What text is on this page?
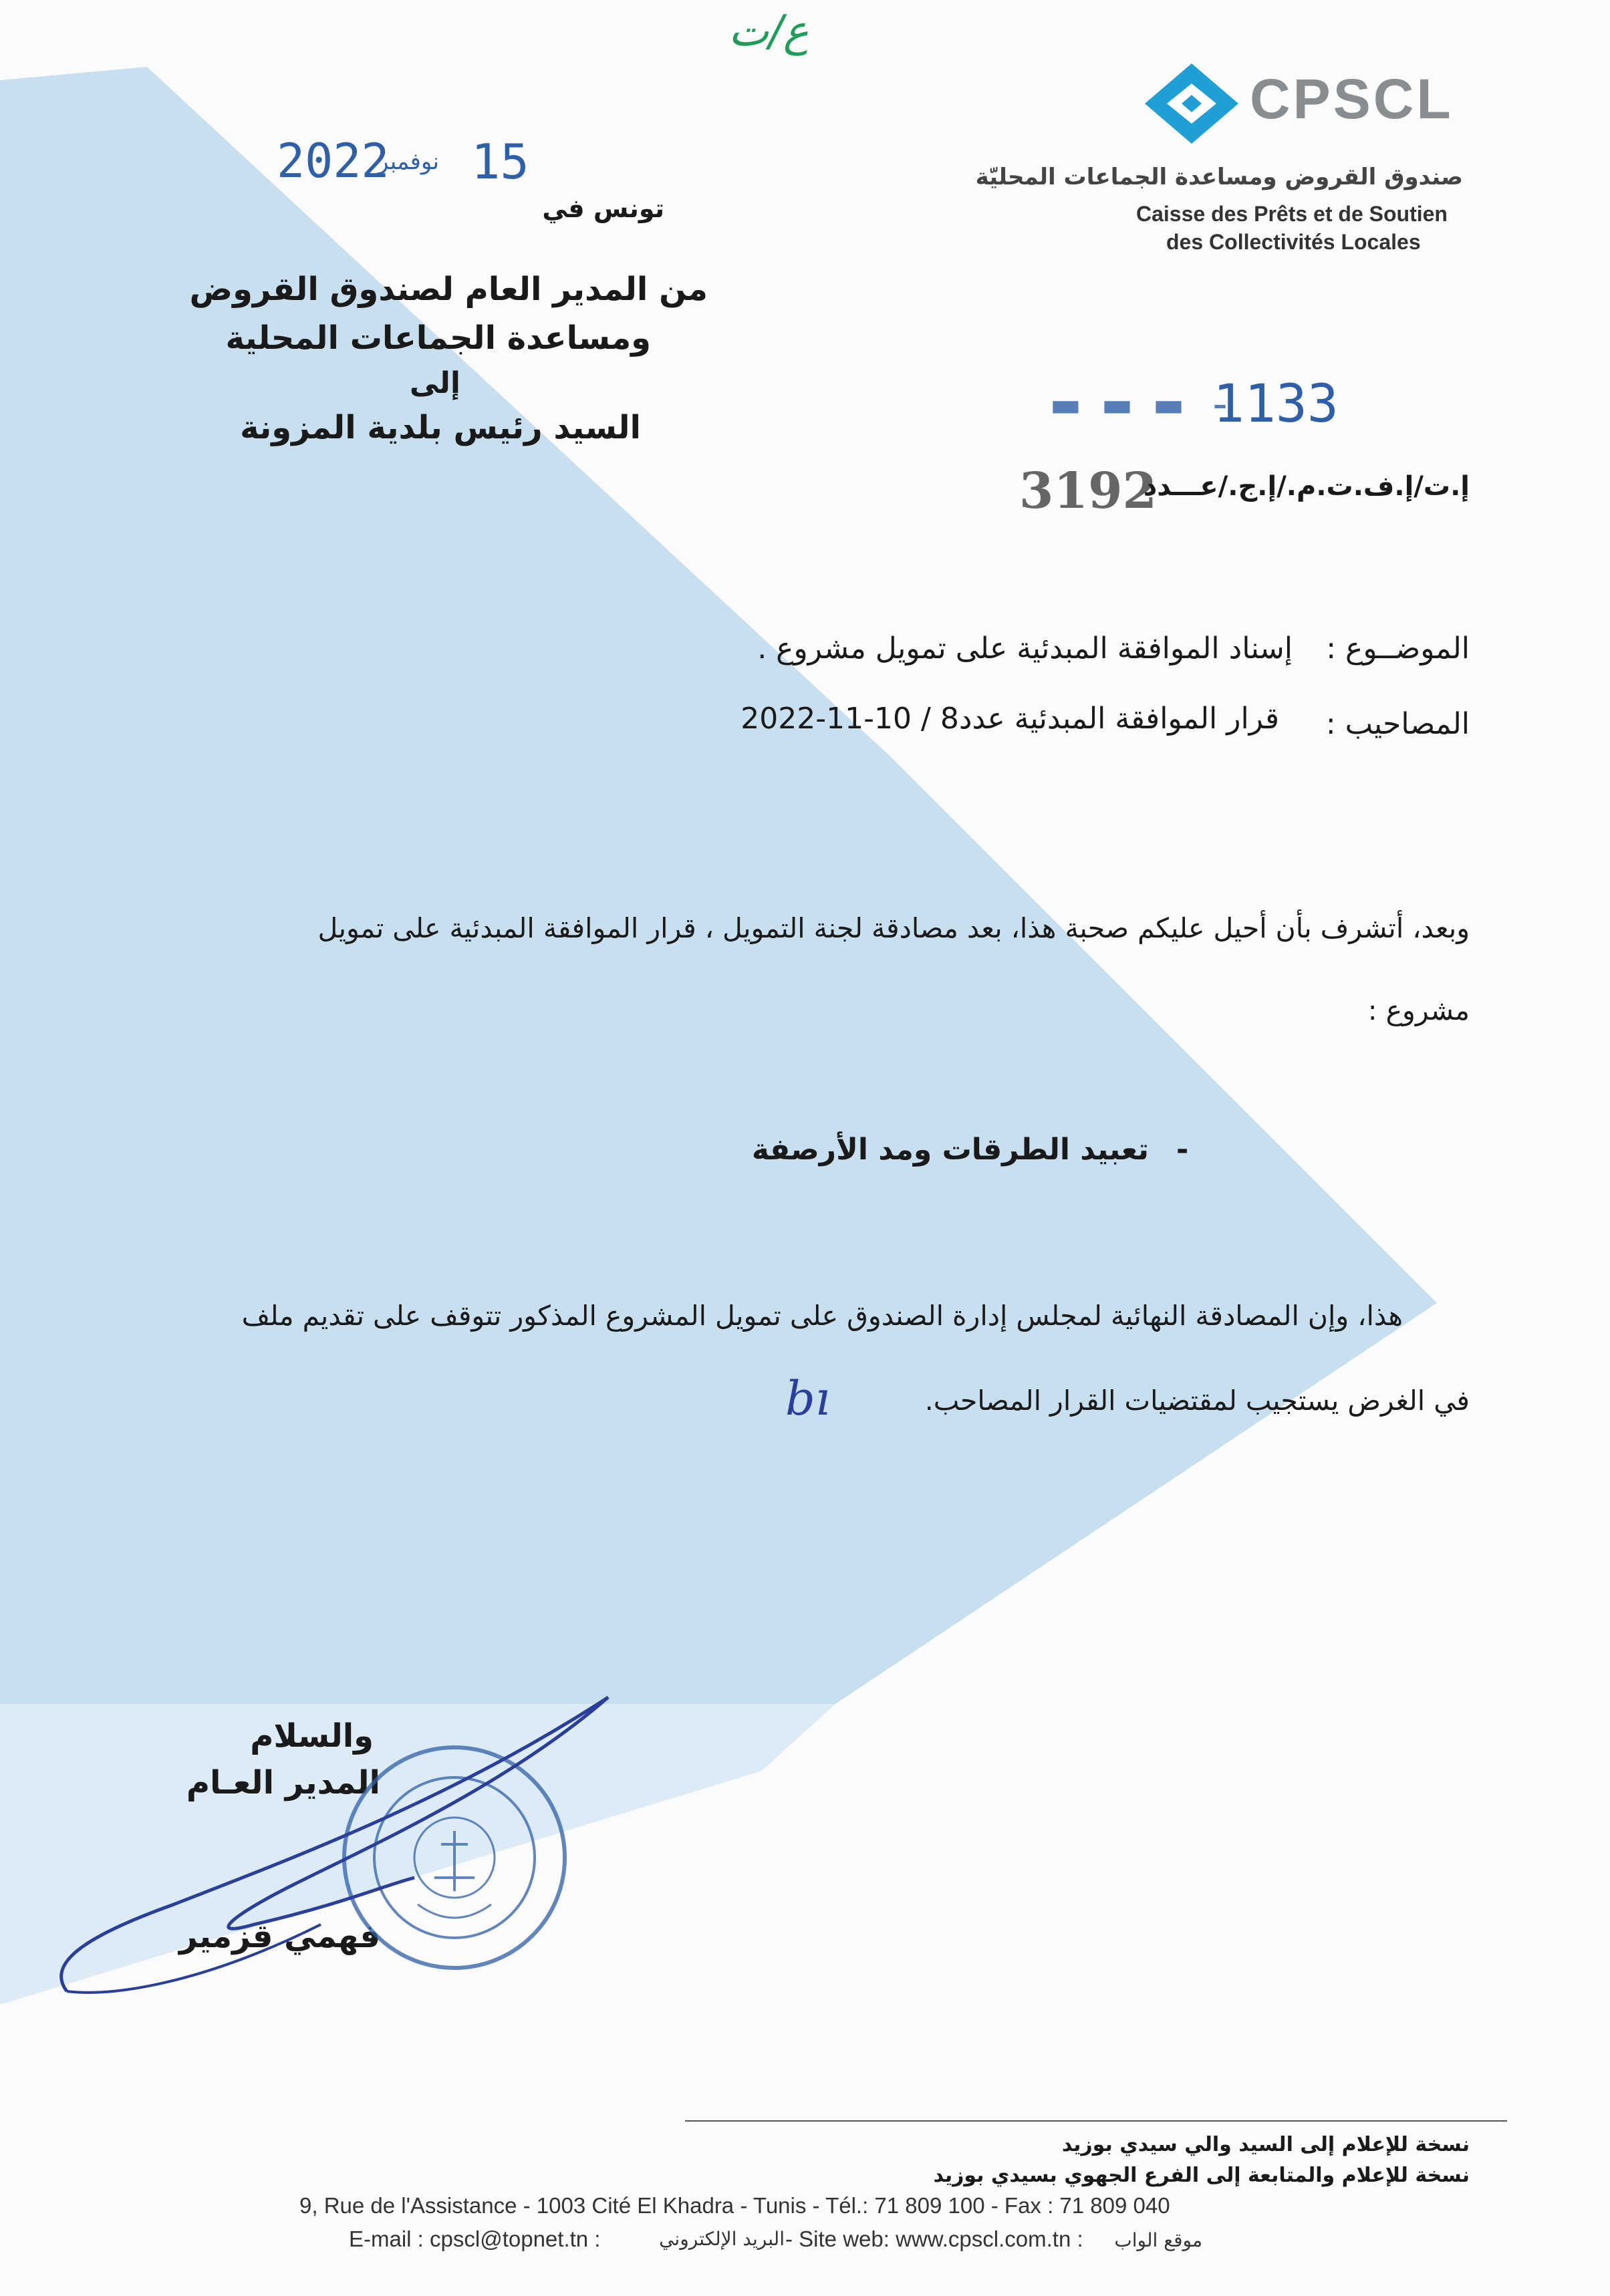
ﻉ/ﺕ
CPSCL
صندوق القروض ومساعدة الجماعات المحليّة
Caisse des Prêts et de Soutien
des Collectivités Locales
2022
نوفمبر 15
تونس في
من المدير العام لصندوق القروض
ومساعدة الجماعات المحلية
إلى
السيد رئيس بلدية المزونة	▬ ▬ ▬ -
1133
3192
إ.ت/إ.ف.ت.م./إ.ج./عـــدد
الموضــوع :
إسناد الموافقة المبدئية على تمويل مشروع .
المصاحيب :
قرار الموافقة المبدئية عدد8 / 10-11-2022
وبعد، أتشرف بأن أحيل عليكم صحبة هذا، بعد مصادقة لجنة التمويل ، قرار الموافقة المبدئية على تمويل
مشروع :
-
تعبيد الطرقات ومد الأرصفة
هذا، وإن المصادقة النهائية لمجلس إدارة الصندوق على تمويل المشروع المذكور تتوقف على تقديم ملف
في الغرض يستجيب لمقتضيات القرار المصاحب.
bı
والسلام
المدير العـام
فهمي قزمير
نسخة للإعلام إلى السيد والي سيدي بوزيد
نسخة للإعلام والمتابعة إلى الفرع الجهوي بسيدي بوزيد
9, Rue de l'Assistance - 1003 Cité El Khadra - Tunis - Tél.: 71 809 100 - Fax : 71 809 040
E-mail : cpscl@topnet.tn :	البريد الإلكتروني - Site web: www.cpscl.com.tn : موقع الواب
